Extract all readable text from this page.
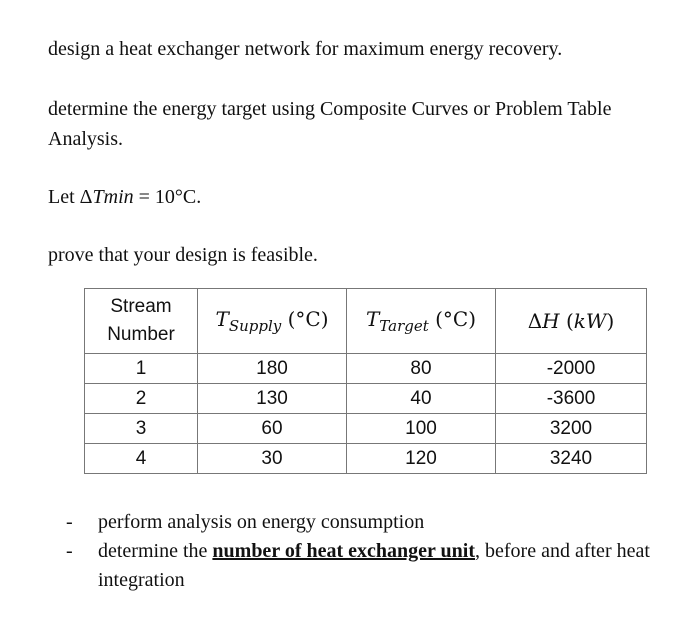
design a heat exchanger network for maximum energy recovery.

determine the energy target using Composite Curves or Problem Table Analysis.

Let ΔTmin = 10°C.

prove that your design is feasible.

Stream
Number	$T_{Supply}$ (°C)	$T_{Target}$ (°C)	ΔH (kW)
1	180	80	-2000
2	130	40	-3600
3	60	100	3200
4	30	120	3240
- perform analysis on energy consumption
- determine the number of heat exchanger unit, before and after heat integration
